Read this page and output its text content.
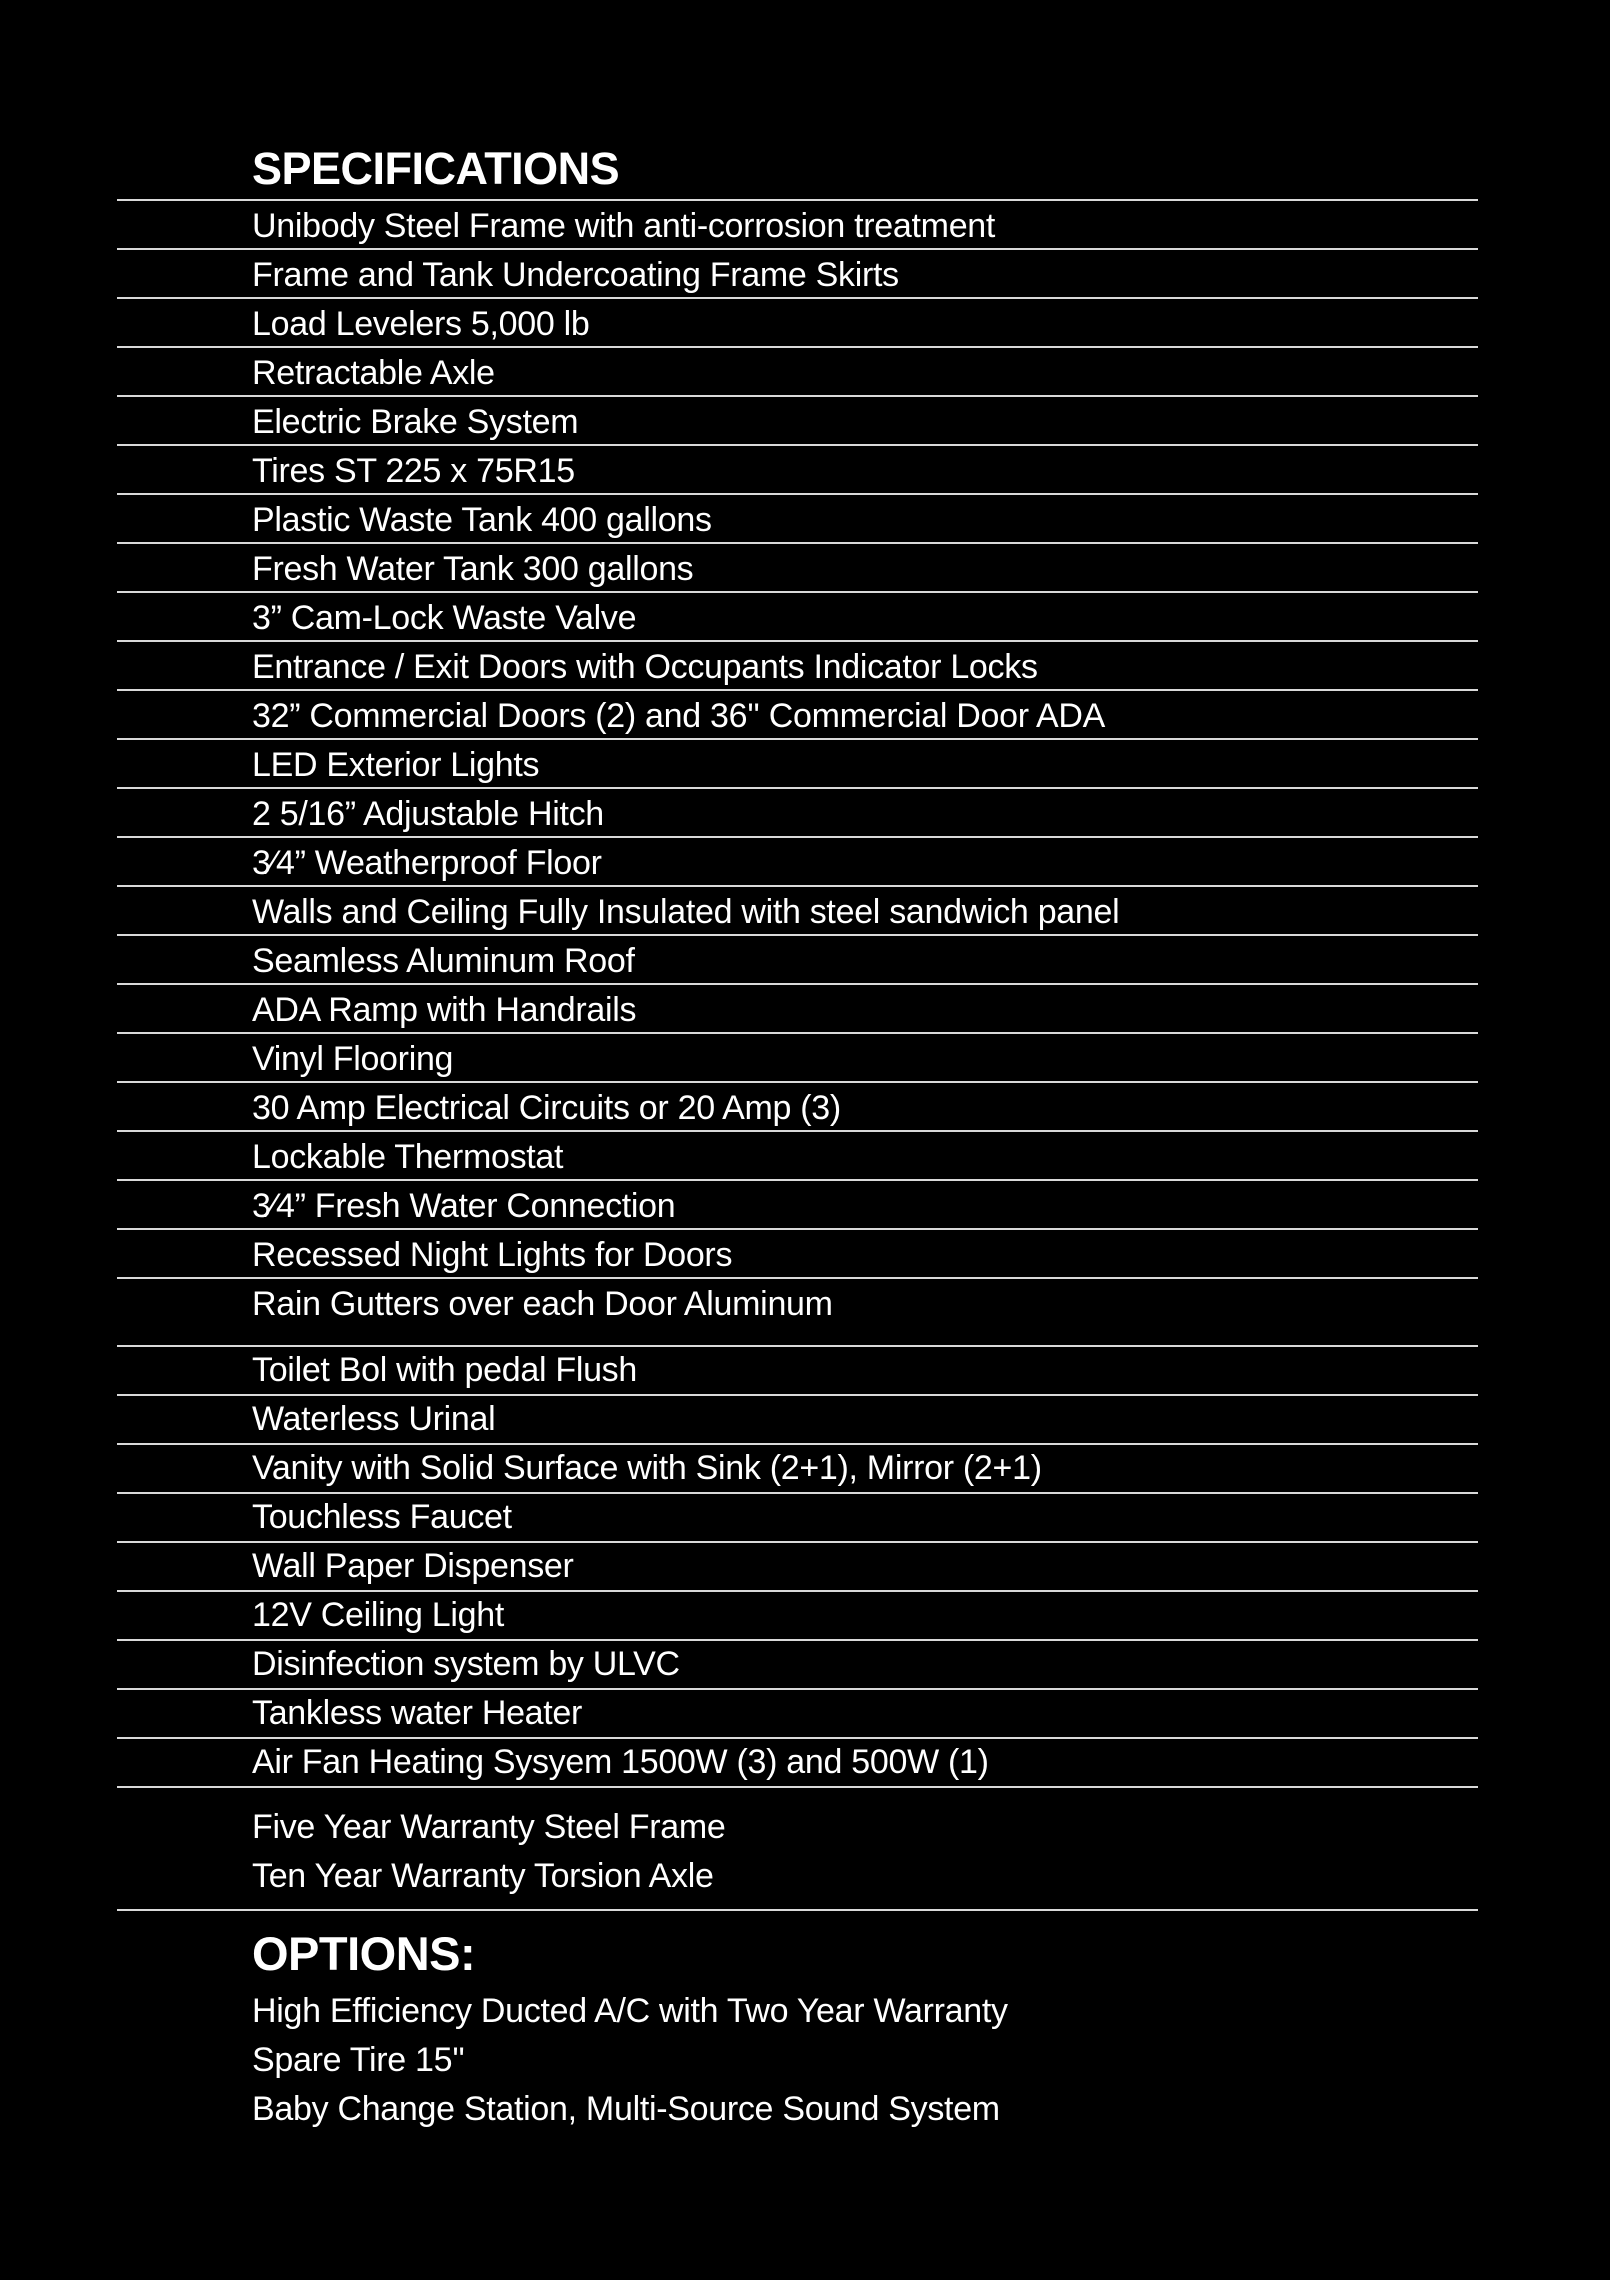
SPECIFICATIONS
Unibody Steel Frame with anti-corrosion treatment
Frame and Tank Undercoating Frame Skirts
Load Levelers 5,000 lb
Retractable Axle
Electric Brake System
Tires ST 225 x 75R15
Plastic Waste Tank 400 gallons
Fresh Water Tank 300 gallons
3” Cam-Lock Waste Valve
Entrance / Exit Doors with Occupants Indicator Locks
32” Commercial Doors (2) and 36'' Commercial Door ADA
LED Exterior Lights
2 5/16” Adjustable Hitch
3⁄4” Weatherproof Floor
Walls and Ceiling Fully Insulated with steel sandwich panel
Seamless Aluminum Roof
ADA Ramp with Handrails
Vinyl Flooring
30 Amp Electrical Circuits or 20 Amp (3)
Lockable Thermostat
3⁄4” Fresh Water Connection
Recessed Night Lights for Doors
Rain Gutters over each Door Aluminum
Toilet Bol with pedal Flush
Waterless Urinal
Vanity with Solid Surface with Sink (2+1), Mirror (2+1)
Touchless Faucet
Wall Paper Dispenser
12V Ceiling Light
Disinfection system by ULVC
Tankless water Heater
Air Fan Heating Sysyem 1500W (3) and 500W (1)
Five Year Warranty Steel Frame
Ten Year Warranty Torsion Axle
OPTIONS:
High Efficiency Ducted A/C with Two Year Warranty
Spare Tire 15''
Baby Change Station, Multi-Source Sound System
